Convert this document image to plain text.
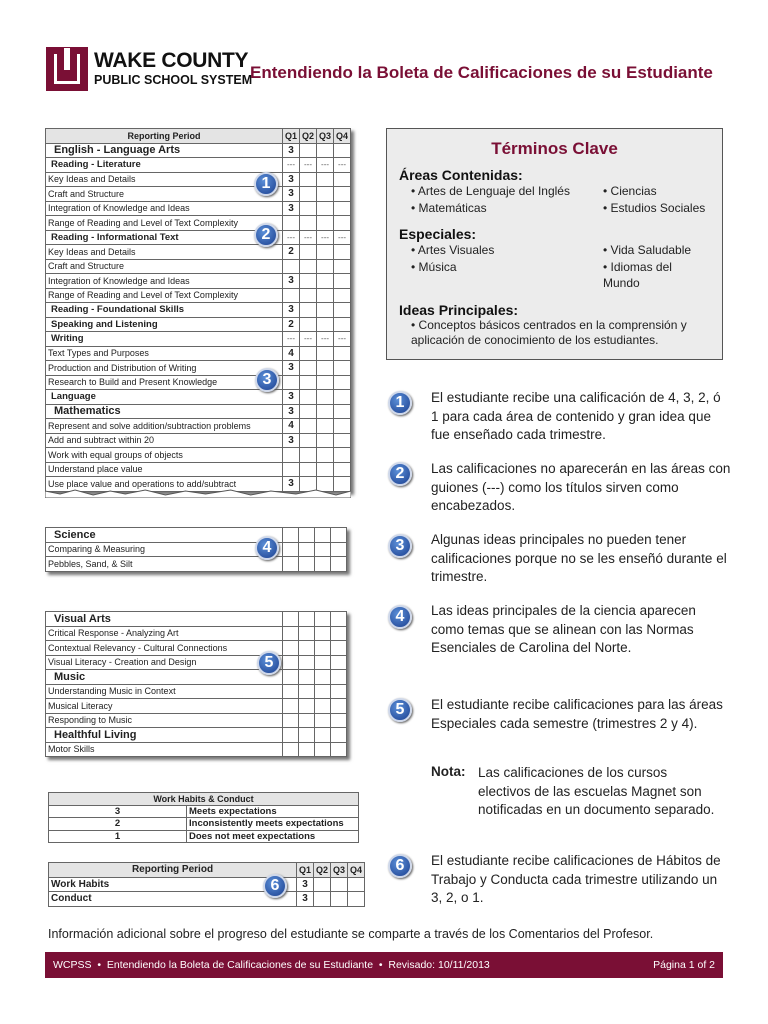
WAKE COUNTY
PUBLIC SCHOOL SYSTEM
Entendiendo la Boleta de Calificaciones de su Estudiante
Reporting Period	Q1	Q2	Q3	Q4
English - Language Arts	3			
Reading - Literature	---	---	---	---
Key Ideas and Details	3			
Craft and Structure	3			
Integration of Knowledge and Ideas	3			
Range of Reading and Level of Text Complexity				
Reading - Informational Text	---	---	---	---
Key Ideas and Details	2			
Craft and Structure				
Integration of Knowledge and Ideas	3			
Range of Reading and Level of Text Complexity				
Reading - Foundational Skills	3			
Speaking and Listening	2			
Writing	---	---	---	---
Text Types and Purposes	4			
Production and Distribution of Writing	3			
Research to Build and Present Knowledge				
Language	3			
Mathematics	3			
Represent and solve addition/subtraction problems	4			
Add and subtract within 20	3			
Work with equal groups of objects				
Understand place value				
Use place value and operations to add/subtract	3			
Science				
Comparing & Measuring				
Pebbles, Sand, & Silt				
Visual Arts				
Critical Response - Analyzing Art				
Contextual Relevancy - Cultural Connections				
Visual Literacy - Creation and Design				
Music				
Understanding Music in Context				
Musical Literacy				
Responding to Music				
Healthful Living				
Motor Skills				
Work Habits & Conduct	
3	Meets expectations
2	Inconsistently meets expectations
1	Does not meet expectations
Reporting Period	Q1	Q2	Q3	Q4
Work Habits	3			
Conduct	3			
1
2
3
4
5
6
Términos Clave
Áreas Contenidas:
• Artes de Lenguaje del Inglés	• Ciencias
• Matemáticas	• Estudios Sociales
Especiales:
• Artes Visuales	• Vida Saludable
• Música	• Idiomas del Mundo
Ideas Principales:
• Conceptos básicos centrados en la comprensión y aplicación de conocimiento de los estudiantes.
1	El estudiante recibe una calificación de 4, 3, 2, ó 1 para cada área de contenido y gran idea que fue enseñado cada trimestre.
2	Las calificaciones no aparecerán en las áreas con guiones (---) como los títulos sirven como encabezados.
3	Algunas ideas principales no pueden tener calificaciones porque no se les enseñó durante el trimestre.
4	Las ideas principales de la ciencia aparecen como temas que se alinean con las Normas Esenciales de Carolina del Norte.
5	El estudiante recibe calificaciones para las áreas Especiales cada semestre (trimestres 2 y 4).
Nota: Las calificaciones de los cursos electivos de las escuelas Magnet son notificadas en un documento separado.
6	El estudiante recibe calificaciones de Hábitos de Trabajo y Conducta cada trimestre utilizando un 3, 2, o 1.
Información adicional sobre el progreso del estudiante se comparte a través de los Comentarios del Profesor.
WCPSS  •  Entendiendo la Boleta de Calificaciones de su Estudiante  •  Revisado: 10/11/2013	Página 1 of 2
